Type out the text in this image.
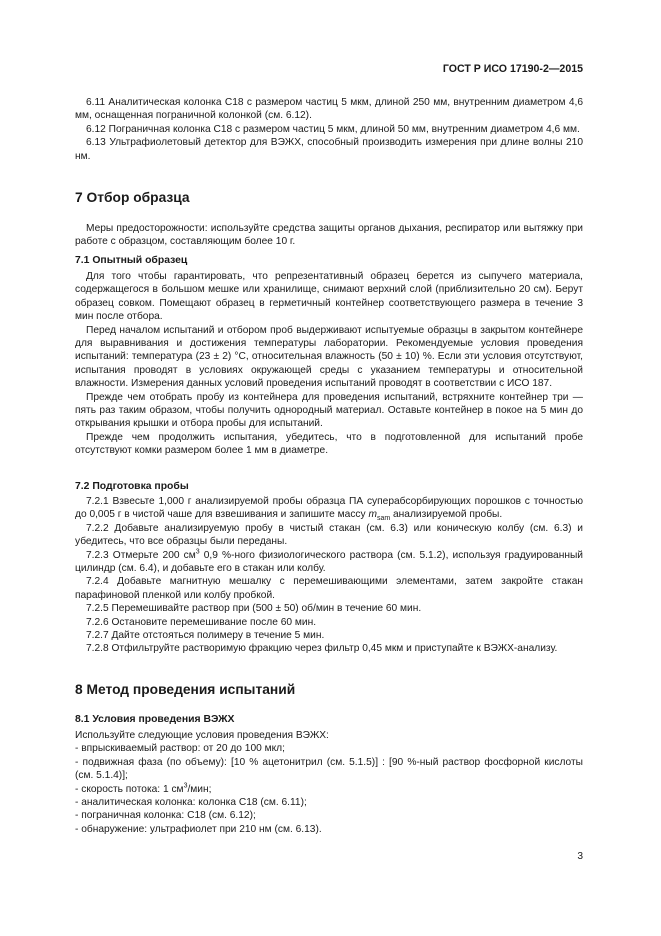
ГОСТ Р ИСО 17190-2—2015

6.11 Аналитическая колонка С18 с размером частиц 5 мкм, длиной 250 мм, внутренним диаметром 4,6 мм, оснащенная пограничной колонкой (см. 6.12).

6.12 Пограничная колонка С18 с размером частиц 5 мкм, длиной 50 мм, внутренним диаметром 4,6 мм.

6.13 Ультрафиолетовый детектор для ВЭЖХ, способный производить измерения при длине волны 210 нм.

7 Отбор образца

Меры предосторожности: используйте средства защиты органов дыхания, респиратор или вытяжку при работе с образцом, составляющим более 10 г.

7.1 Опытный образец

Для того чтобы гарантировать, что репрезентативный образец берется из сыпучего материала, содержащегося в большом мешке или хранилище, снимают верхний слой (приблизительно 20 см). Берут образец совком. Помещают образец в герметичный контейнер соответствующего размера в течение 3 мин после отбора.

Перед началом испытаний и отбором проб выдерживают испытуемые образцы в закрытом контейнере для выравнивания и достижения температуры лаборатории. Рекомендуемые условия проведения испытаний: температура (23 ± 2) °С, относительная влажность (50 ± 10) %. Если эти условия отсутствуют, испытания проводят в условиях окружающей среды с указанием температуры и относительной влажности. Измерения данных условий проведения испытаний проводят в соответствии с ИСО 187.

Прежде чем отобрать пробу из контейнера для проведения испытаний, встряхните контейнер три — пять раз таким образом, чтобы получить однородный материал. Оставьте контейнер в покое на 5 мин до открывания крышки и отбора пробы для испытаний.

Прежде чем продолжить испытания, убедитесь, что в подготовленной для испытаний пробе отсутствуют комки размером более 1 мм в диаметре.

7.2 Подготовка пробы

7.2.1 Взвесьте 1,000 г анализируемой пробы образца ПА суперабсорбирующих порошков с точностью до 0,005 г в чистой чаше для взвешивания и запишите массу $m_{sam}$ анализируемой пробы.

7.2.2 Добавьте анализируемую пробу в чистый стакан (см. 6.3) или коническую колбу (см. 6.3) и убедитесь, что все образцы были переданы.

7.2.3 Отмерьте 200 $см^3$ 0,9 %-ного физиологического раствора (см. 5.1.2), используя градуированный цилиндр (см. 6.4), и добавьте его в стакан или колбу.

7.2.4 Добавьте магнитную мешалку с перемешивающими элементами, затем закройте стакан парафиновой пленкой или колбу пробкой.

7.2.5 Перемешивайте раствор при (500 ± 50) об/мин в течение 60 мин.

7.2.6 Остановите перемешивание после 60 мин.

7.2.7 Дайте отстояться полимеру в течение 5 мин.

7.2.8 Отфильтруйте растворимую фракцию через фильтр 0,45 мкм и приступайте к ВЭЖХ-анализу.

8 Метод проведения испытаний
8.1 Условия проведения ВЭЖХ

Используйте следующие условия проведения ВЭЖХ:

- впрыскиваемый раствор: от 20 до 100 мкл;

- подвижная фаза (по объему): [10 % ацетонитрил (см. 5.1.5)] : [90 %-ный раствор фосфорной кислоты (см. 5.1.4)];

- скорость потока: 1 $см^3$/мин;

- аналитическая колонка: колонка С18 (см. 6.11);

- пограничная колонка: С18 (см. 6.12);

- обнаружение: ультрафиолет при 210 нм (см. 6.13).

3
